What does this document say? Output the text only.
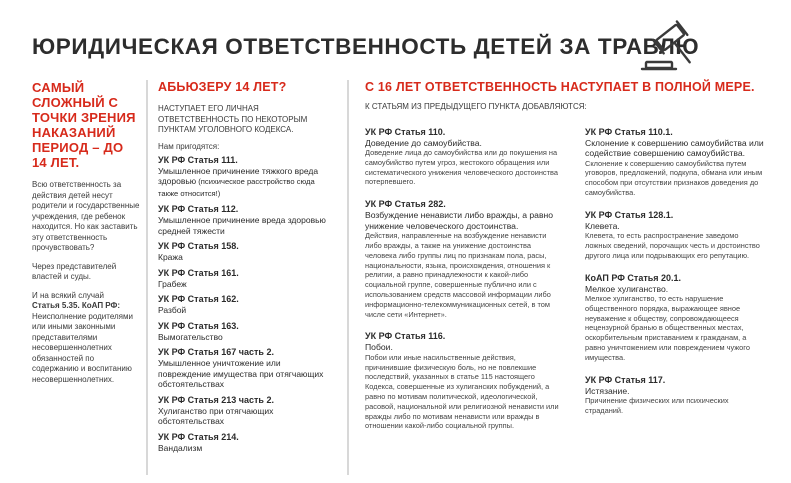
ЮРИДИЧЕСКАЯ ОТВЕТСТВЕННОСТЬ ДЕТЕЙ ЗА ТРАВЛЮ
САМЫЙ СЛОЖНЫЙ С ТОЧКИ ЗРЕНИЯ НАКАЗАНИЙ ПЕРИОД – ДО 14 ЛЕТ.

Всю ответственность за действия детей несут родители и государственные учреждения, где ребенок находится. Но как заставить эту ответственность прочувствовать?

Через представителей властей и суды.

И на всякий случай
Статья 5.35. КоАП РФ:
Неисполнение родителями или иными законными представителями несовершеннолетних обязанностей по содержанию и воспитанию несовершеннолетних.
АБЬЮЗЕРУ 14 ЛЕТ?
НАСТУПАЕТ ЕГО ЛИЧНАЯ ОТВЕТСТВЕННОСТЬ ПО НЕКОТОРЫМ ПУНКТАМ УГОЛОВНОГО КОДЕКСА.
Нам пригодятся:
УК РФ Статья 111.
Умышленное причинение тяжкого вреда здоровью (психическое расстройство сюда также относится!)
УК РФ Статья 112.
Умышленное причинение вреда здоровью средней тяжести
УК РФ Статья 158.
Кража
УК РФ Статья 161.
Грабеж
УК РФ Статья 162.
Разбой
УК РФ Статья 163.
Вымогательство
УК РФ Статья 167 часть 2.
Умышленное уничтожение или повреждение имущества при отягчающих обстоятельствах
УК РФ Статья 213 часть 2.
Хулиганство при отягчающих обстоятельствах
УК РФ Статья 214.
Вандализм
С 16 ЛЕТ ОТВЕТСТВЕННОСТЬ НАСТУПАЕТ В ПОЛНОЙ МЕРЕ.
К СТАТЬЯМ ИЗ ПРЕДЫДУЩЕГО ПУНКТА ДОБАВЛЯЮТСЯ:
УК РФ Статья 110.
Доведение до самоубийства.
Доведение лица до самоубийства или до покушения на самоубийство путем угроз, жестокого обращения или систематического унижения человеческого достоинства потерпевшего.
УК РФ Статья 282.
Возбуждение ненависти либо вражды, а равно унижение человеческого достоинства.
Действия, направленные на возбуждение ненависти либо вражды, а также на унижение достоинства человека либо группы лиц по признакам пола, расы, национальности, языка, происхождения, отношения к религии, а равно принадлежности к какой-либо социальной группе, совершенные публично или с использованием средств массовой информации либо информационно-телекоммуникационных сетей, в том числе сети «Интернет».
УК РФ Статья 116.
Побои.
Побои или иные насильственные действия, причинившие физическую боль, но не повлекшие последствий, указанных в статье 115 настоящего Кодекса, совершенные из хулиганских побуждений, а равно по мотивам политической, идеологической, расовой, национальной или религиозной ненависти или вражды либо по мотивам ненависти или вражды в отношении какой-либо социальной группы.
УК РФ Статья 110.1.
Склонение к совершению самоубийства или содействие совершению самоубийства.
Склонение к совершению самоубийства путем уговоров, предложений, подкупа, обмана или иным способом при отсутствии признаков доведения до самоубийства.
УК РФ Статья 128.1.
Клевета.
Клевета, то есть распространение заведомо ложных сведений, порочащих честь и достоинство другого лица или подрывающих его репутацию.
КоАП РФ Статья 20.1.
Мелкое хулиганство.
Мелкое хулиганство, то есть нарушение общественного порядка, выражающее явное неуважение к обществу, сопровождающееся нецензурной бранью в общественных местах, оскорбительным приставанием к гражданам, а равно уничтожением или повреждением чужого имущества.
УК РФ Статья 117.
Истязание.
Причинение физических или психических страданий.
